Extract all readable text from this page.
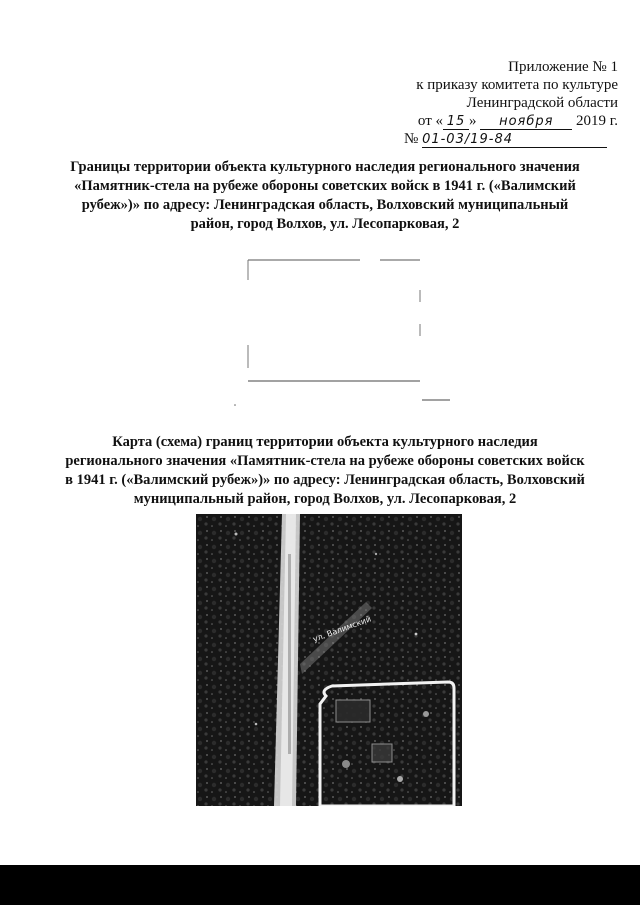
Приложение № 1
к приказу комитета по культуре
Ленинградской области
от « 15 » ноября 2019 г.
№ 01-03/19-84
Границы территории объекта культурного наследия регионального значения
«Памятник-стела на рубеже обороны советских войск в 1941 г. («Валимский
рубеж»)» по адресу: Ленинградская область, Волховский муниципальный
район, город Волхов, ул. Лесопарковая, 2
Карта (схема) границ территории объекта культурного наследия
регионального значения «Памятник-стела на рубеже обороны советских войск
в 1941 г. («Валимский рубеж»)» по адресу: Ленинградская область, Волховский
муниципальный район, город Волхов, ул. Лесопарковая, 2
ул. Валимский
